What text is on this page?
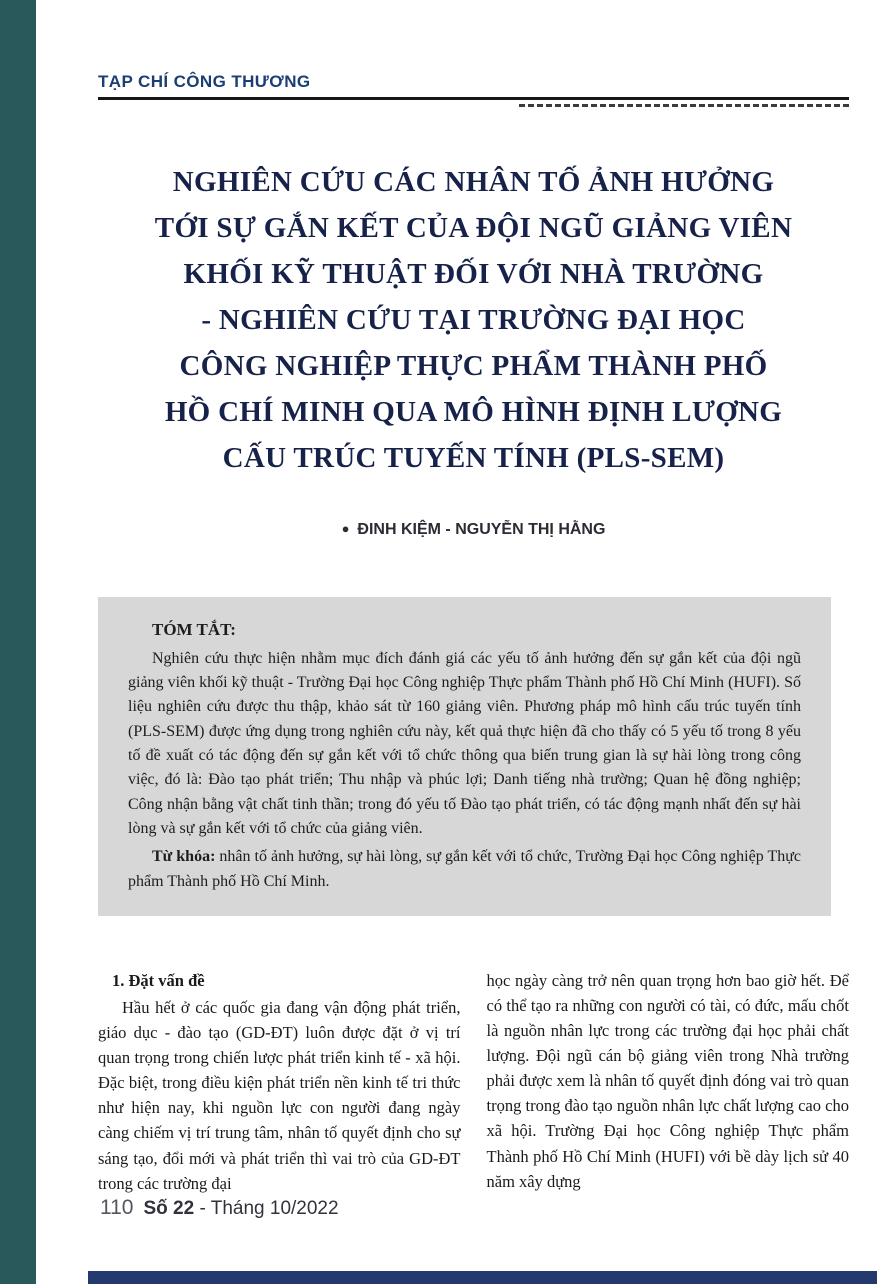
TẠP CHÍ CÔNG THƯƠNG
NGHIÊN CỨU CÁC NHÂN TỐ ẢNH HƯỞNG
TỚI SỰ GẮN KẾT CỦA ĐỘI NGŨ GIẢNG VIÊN
KHỐI KỸ THUẬT ĐỐI VỚI NHÀ TRƯỜNG
- NGHIÊN CỨU TẠI TRƯỜNG ĐẠI HỌC
CÔNG NGHIỆP THỰC PHẨM THÀNH PHỐ
HỒ CHÍ MINH QUA MÔ HÌNH ĐỊNH LƯỢNG
CẤU TRÚC TUYẾN TÍNH (PLS-SEM)
● ĐINH KIỆM - NGUYỄN THỊ HẰNG
TÓM TẮT:

Nghiên cứu thực hiện nhằm mục đích đánh giá các yếu tố ảnh hưởng đến sự gắn kết của đội ngũ giảng viên khối kỹ thuật - Trường Đại học Công nghiệp Thực phẩm Thành phố Hồ Chí Minh (HUFI). Số liệu nghiên cứu được thu thập, khảo sát từ 160 giảng viên. Phương pháp mô hình cấu trúc tuyến tính (PLS-SEM) được ứng dụng trong nghiên cứu này, kết quả thực hiện đã cho thấy có 5 yếu tố trong 8 yếu tố đề xuất có tác động đến sự gắn kết với tổ chức thông qua biến trung gian là sự hài lòng trong công việc, đó là: Đào tạo phát triển; Thu nhập và phúc lợi; Danh tiếng nhà trường; Quan hệ đồng nghiệp; Công nhận bằng vật chất tinh thần; trong đó yếu tố Đào tạo phát triển, có tác động mạnh nhất đến sự hài lòng và sự gắn kết với tổ chức của giảng viên.

Từ khóa: nhân tố ảnh hưởng, sự hài lòng, sự gắn kết với tổ chức, Trường Đại học Công nghiệp Thực phẩm Thành phố Hồ Chí Minh.

1. Đặt vấn đề

Hầu hết ở các quốc gia đang vận động phát triển, giáo dục - đào tạo (GD-ĐT) luôn được đặt ở vị trí quan trọng trong chiến lược phát triển kinh tế - xã hội. Đặc biệt, trong điều kiện phát triển nền kinh tế tri thức như hiện nay, khi nguồn lực con người đang ngày càng chiếm vị trí trung tâm, nhân tố quyết định cho sự sáng tạo, đổi mới và phát triển thì vai trò của GD-ĐT trong các trường đại

học ngày càng trở nên quan trọng hơn bao giờ hết. Để có thể tạo ra những con người có tài, có đức, mấu chốt là nguồn nhân lực trong các trường đại học phải chất lượng. Đội ngũ cán bộ giảng viên trong Nhà trường phải được xem là nhân tố quyết định đóng vai trò quan trọng trong đào tạo nguồn nhân lực chất lượng cao cho xã hội. Trường Đại học Công nghiệp Thực phẩm Thành phố Hồ Chí Minh (HUFI) với bề dày lịch sử 40 năm xây dựng

110 Số 22 - Tháng 10/2022
